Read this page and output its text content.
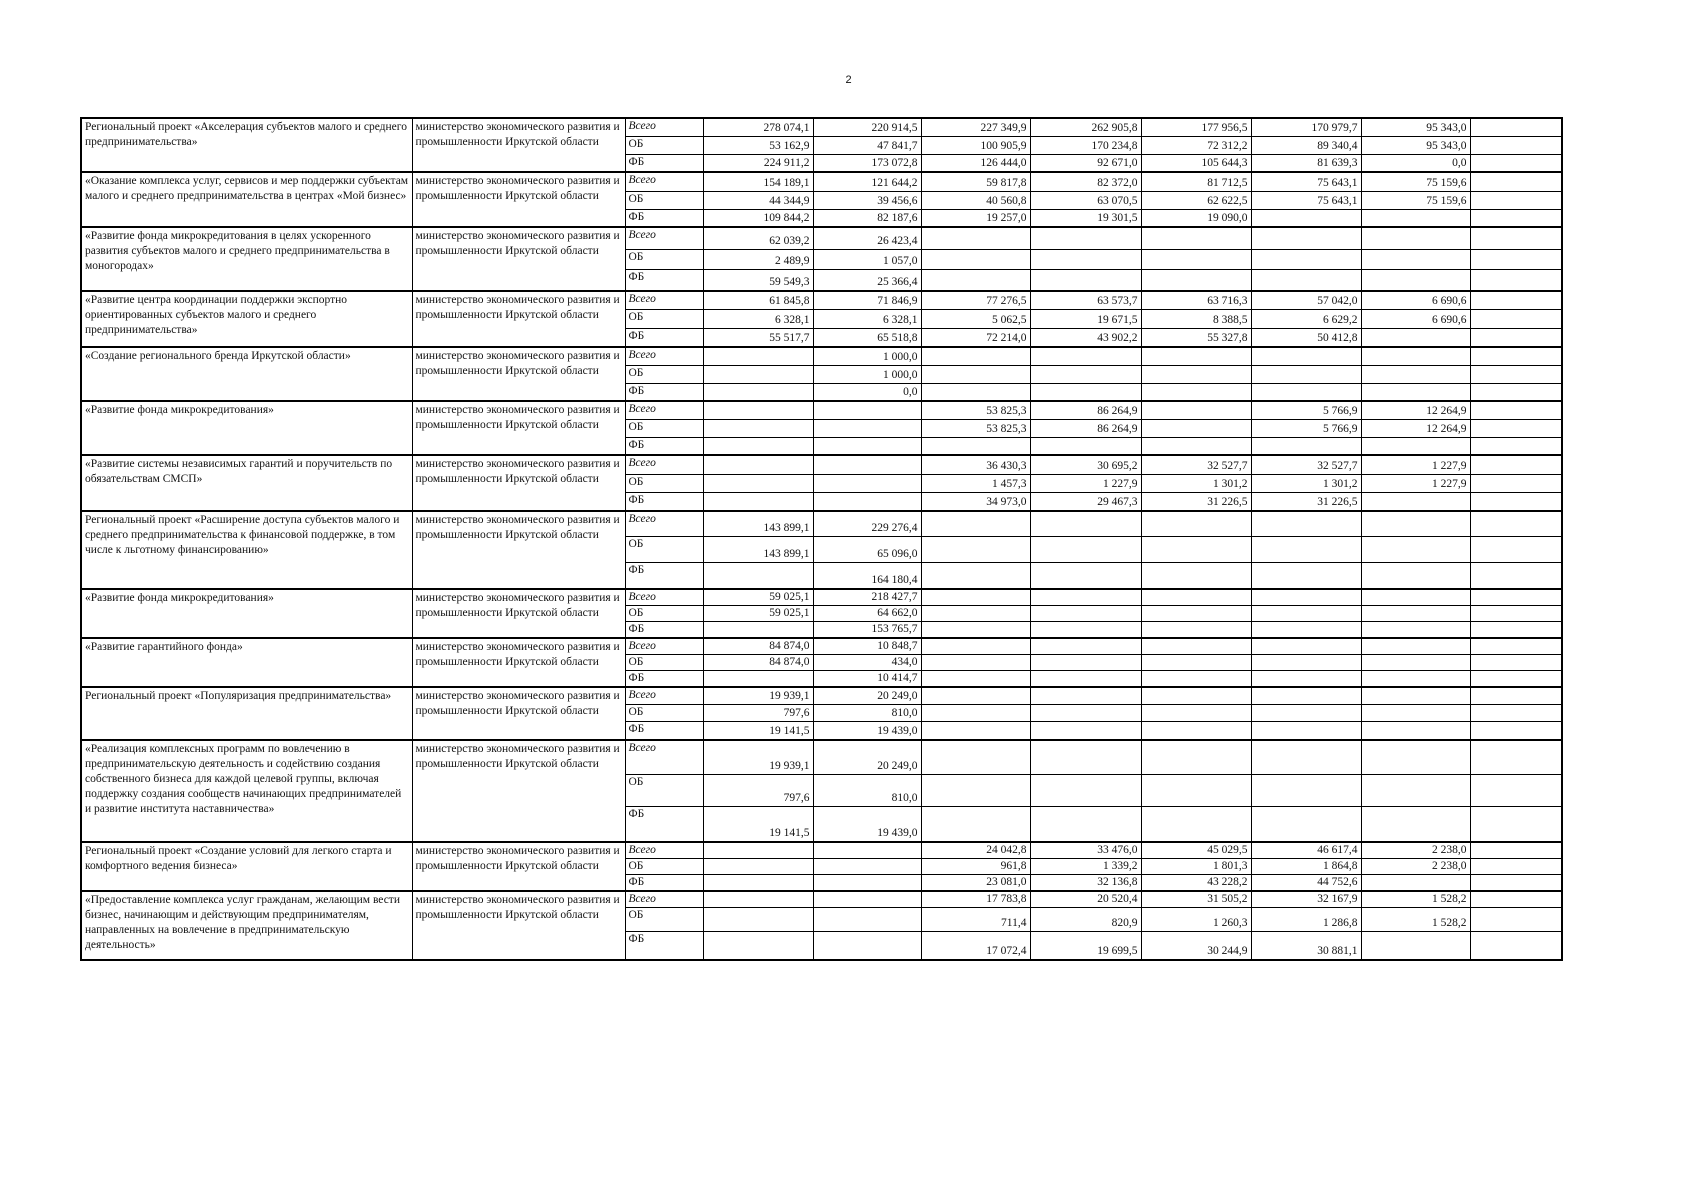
2
Региональный проект «Акселерация субъектов малого и среднего предпринимательства»	министерство экономического развития и промышленности Иркутской области	Всего	278 074,1	220 914,5	227 349,9	262 905,8	177 956,5	170 979,7	95 343,0	
		ОБ	53 162,9	47 841,7	100 905,9	170 234,8	72 312,2	89 340,4	95 343,0	
		ФБ	224 911,2	173 072,8	126 444,0	92 671,0	105 644,3	81 639,3	0,0	
«Оказание комплекса услуг, сервисов и мер поддержки субъектам малого и среднего предпринимательства в центрах «Мой бизнес»	министерство экономического развития и промышленности Иркутской области	Всего	154 189,1	121 644,2	59 817,8	82 372,0	81 712,5	75 643,1	75 159,6	
		ОБ	44 344,9	39 456,6	40 560,8	63 070,5	62 622,5	75 643,1	75 159,6	
		ФБ	109 844,2	82 187,6	19 257,0	19 301,5	19 090,0			
«Развитие фонда микрокредитования в целях ускоренного развития субъектов малого и среднего предпринимательства в моногородах»	министерство экономического развития и промышленности Иркутской области	Всего	62 039,2	26 423,4						
		ОБ	2 489,9	1 057,0						
		ФБ	59 549,3	25 366,4						
«Развитие центра координации поддержки экспортно ориентированных субъектов малого и среднего предпринимательства»	министерство экономического развития и промышленности Иркутской области	Всего	61 845,8	71 846,9	77 276,5	63 573,7	63 716,3	57 042,0	6 690,6	
		ОБ	6 328,1	6 328,1	5 062,5	19 671,5	8 388,5	6 629,2	6 690,6	
		ФБ	55 517,7	65 518,8	72 214,0	43 902,2	55 327,8	50 412,8		
«Создание регионального бренда Иркутской области»	министерство экономического развития и промышленности Иркутской области	Всего		1 000,0						
		ОБ		1 000,0						
		ФБ		0,0						
«Развитие фонда микрокредитования»	министерство экономического развития и промышленности Иркутской области	Всего			53 825,3	86 264,9		5 766,9	12 264,9	
		ОБ			53 825,3	86 264,9		5 766,9	12 264,9	
		ФБ								
«Развитие системы независимых гарантий и поручительств по обязательствам СМСП»	министерство экономического развития и промышленности Иркутской области	Всего			36 430,3	30 695,2	32 527,7	32 527,7	1 227,9	
		ОБ			1 457,3	1 227,9	1 301,2	1 301,2	1 227,9	
		ФБ			34 973,0	29 467,3	31 226,5	31 226,5		
Региональный проект «Расширение доступа субъектов малого и среднего предпринимательства к финансовой поддержке, в том числе к льготному финансированию»	министерство экономического развития и промышленности Иркутской области	Всего	143 899,1	229 276,4						
		ОБ	143 899,1	65 096,0						
		ФБ		164 180,4						
«Развитие фонда микрокредитования»	министерство экономического развития и промышленности Иркутской области	Всего	59 025,1	218 427,7						
		ОБ	59 025,1	64 662,0						
		ФБ		153 765,7						
«Развитие гарантийного фонда»	министерство экономического развития и промышленности Иркутской области	Всего	84 874,0	10 848,7						
		ОБ	84 874,0	434,0						
		ФБ		10 414,7						
Региональный проект «Популяризация предпринимательства»	министерство экономического развития и промышленности Иркутской области	Всего	19 939,1	20 249,0						
		ОБ	797,6	810,0						
		ФБ	19 141,5	19 439,0						
«Реализация комплексных программ по вовлечению в предпринимательскую деятельность и содействию создания собственного бизнеса для каждой целевой группы, включая поддержку создания сообществ начинающих предпринимателей и развитие института наставничества»	министерство экономического развития и промышленности Иркутской области	Всего	19 939,1	20 249,0						
		ОБ	797,6	810,0						
		ФБ	19 141,5	19 439,0						
Региональный проект «Создание условий для легкого старта и комфортного ведения бизнеса»	министерство экономического развития и промышленности Иркутской области	Всего			24 042,8	33 476,0	45 029,5	46 617,4	2 238,0	
		ОБ			961,8	1 339,2	1 801,3	1 864,8	2 238,0	
		ФБ			23 081,0	32 136,8	43 228,2	44 752,6		
«Предоставление комплекса услуг гражданам, желающим вести бизнес, начинающим и действующим предпринимателям, направленных на вовлечение в предпринимательскую деятельность»	министерство экономического развития и промышленности Иркутской области	Всего			17 783,8	20 520,4	31 505,2	32 167,9	1 528,2	
		ОБ			711,4	820,9	1 260,3	1 286,8	1 528,2	
		ФБ			17 072,4	19 699,5	30 244,9	30 881,1		
